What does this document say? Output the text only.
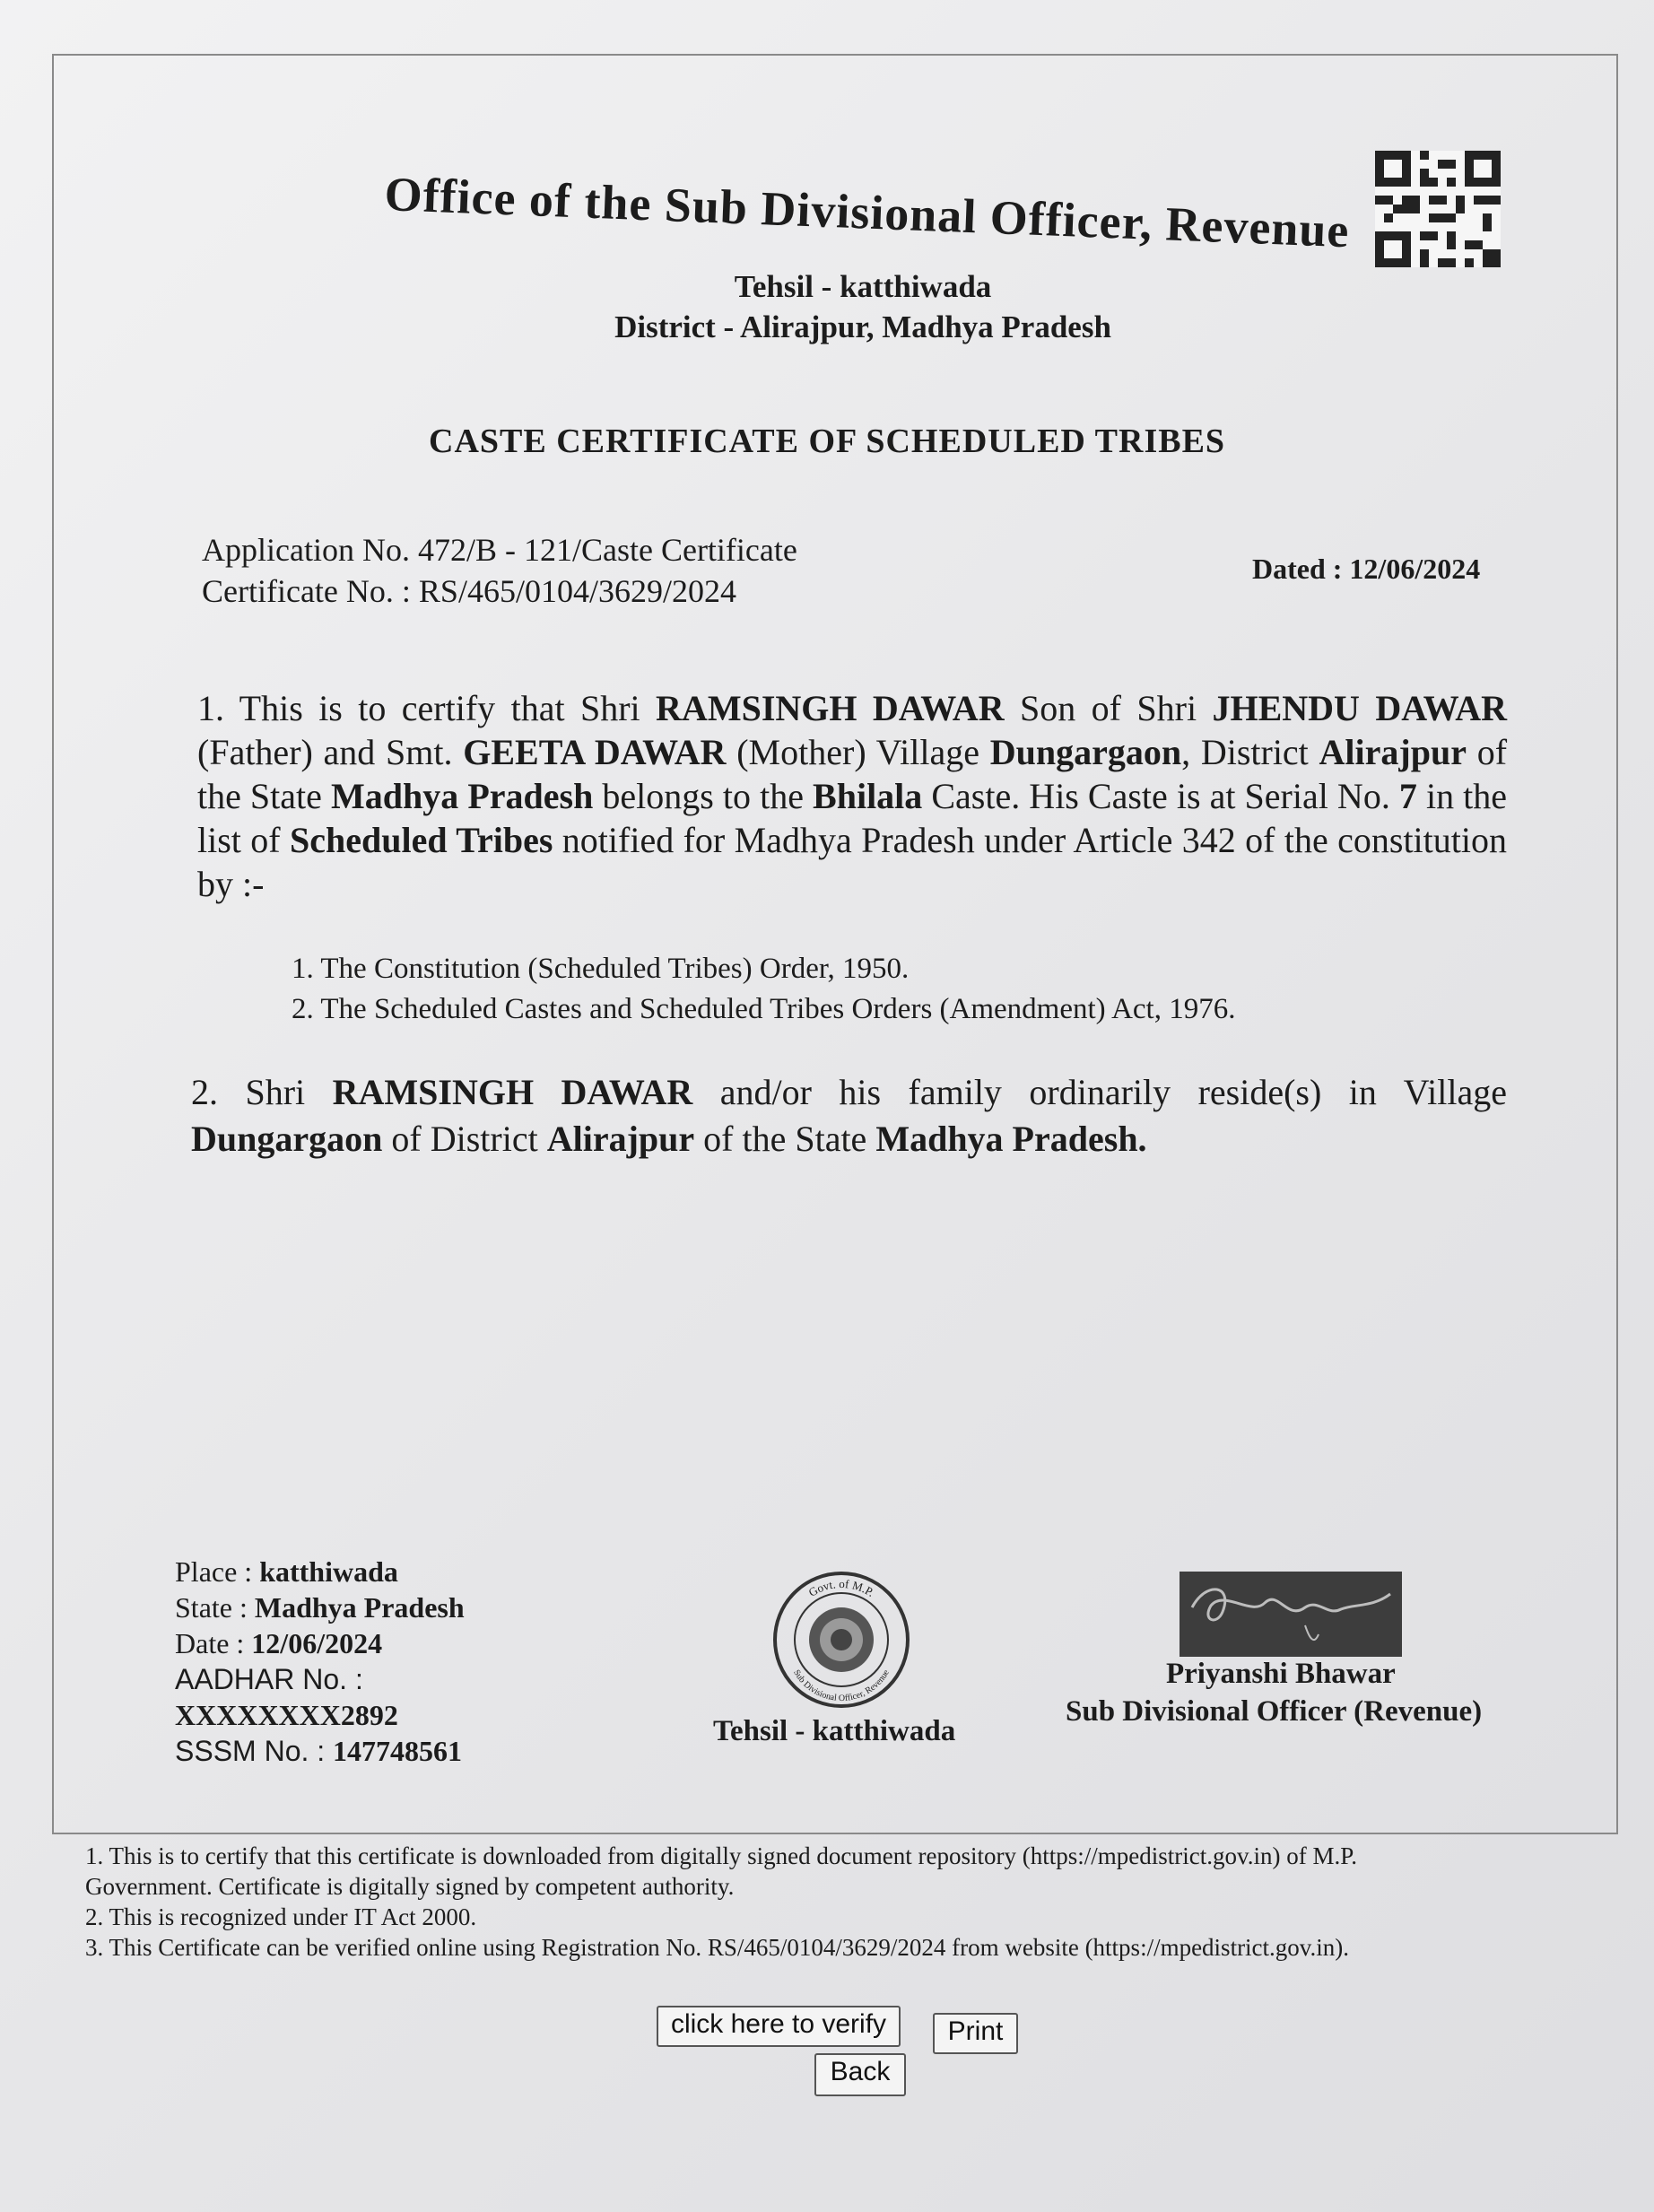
Office of the Sub Divisional Officer, Revenue
Tehsil - katthiwada
District - Alirajpur, Madhya Pradesh
CASTE CERTIFICATE OF SCHEDULED TRIBES
Application No. 472/B - 121/Caste Certificate
Certificate No. : RS/465/0104/3629/2024
Dated : 12/06/2024
1. This is to certify that Shri RAMSINGH DAWAR Son of Shri JHENDU DAWAR (Father) and Smt. GEETA DAWAR (Mother) Village Dungargaon, District Alirajpur of the State Madhya Pradesh belongs to the Bhilala Caste. His Caste is at Serial No. 7 in the list of Scheduled Tribes notified for Madhya Pradesh under Article 342 of the constitution by :-
1. The Constitution (Scheduled Tribes) Order, 1950.
2. The Scheduled Castes and Scheduled Tribes Orders (Amendment) Act, 1976.
2. Shri RAMSINGH DAWAR and/or his family ordinarily reside(s) in Village Dungargaon of District Alirajpur of the State Madhya Pradesh.
Place : katthiwada
State : Madhya Pradesh
Date : 12/06/2024
AADHAR No. :
XXXXXXXX2892
SSSM No. : 147748561
Govt. of M.P.
Sub Divisional Officer, Revenue
Tehsil - katthiwada
Priyanshi Bhawar
Sub Divisional Officer (Revenue)
1. This is to certify that this certificate is downloaded from digitally signed document repository (https://mpedistrict.gov.in) of M.P.
Government. Certificate is digitally signed by competent authority.
2. This is recognized under IT Act 2000.
3. This Certificate can be verified online using Registration No. RS/465/0104/3629/2024 from website (https://mpedistrict.gov.in).
click here to verify	Print
Back
